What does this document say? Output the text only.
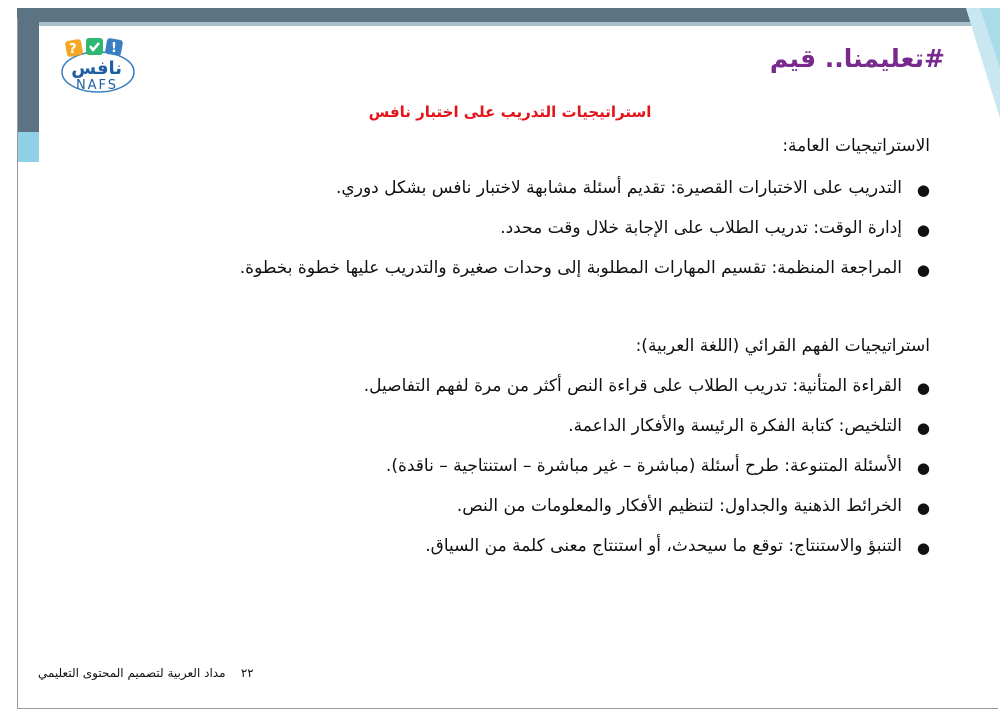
?	!
نافس
NAFS
#تعليمنا.. قيم
استراتيجيات التدريب على اختبار نافس
الاستراتيجيات العامة:
●
التدريب على الاختبارات القصيرة: تقديم أسئلة مشابهة لاختبار نافس بشكل دوري.
●
إدارة الوقت: تدريب الطلاب على الإجابة خلال وقت محدد.
●
المراجعة المنظمة: تقسيم المهارات المطلوبة إلى وحدات صغيرة والتدريب عليها خطوة بخطوة.
استراتيجيات الفهم القرائي (اللغة العربية):
●
القراءة المتأنية: تدريب الطلاب على قراءة النص أكثر من مرة لفهم التفاصيل.
●
التلخيص: كتابة الفكرة الرئيسة والأفكار الداعمة.
●
الأسئلة المتنوعة: طرح أسئلة (مباشرة – غير مباشرة – استنتاجية – ناقدة).
●
الخرائط الذهنية والجداول: لتنظيم الأفكار والمعلومات من النص.
●
التنبؤ والاستنتاج: توقع ما سيحدث، أو استنتاج معنى كلمة من السياق.
٢٢    مداد العربية لتصميم المحتوى التعليمي
